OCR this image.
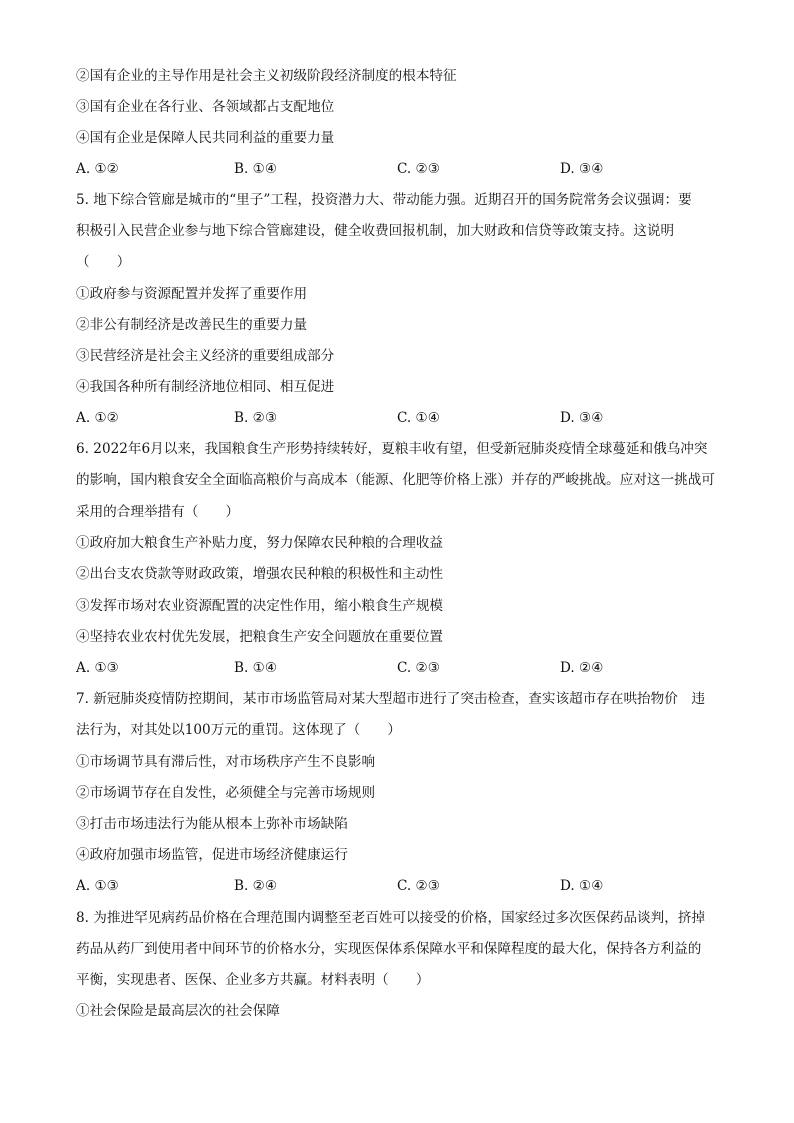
②国有企业的主导作用是社会主义初级阶段经济制度的根本特征
③国有企业在各行业、各领域都占支配地位
④国有企业是保障人民共同利益的重要力量
A. ①②	B. ①④	C. ②③	D. ③④
5. 地下综合管廊是城市的“里子”工程，投资潜力大、带动能力强。近期召开的国务院常务会议强调：要
积极引入民营企业参与地下综合管廊建设，健全收费回报机制，加大财政和信贷等政策支持。这说明
（　　）
①政府参与资源配置并发挥了重要作用
②非公有制经济是改善民生的重要力量
③民营经济是社会主义经济的重要组成部分
④我国各种所有制经济地位相同、相互促进
A. ①②	B. ②③	C. ①④	D. ③④
6. 2022年6月以来，我国粮食生产形势持续转好，夏粮丰收有望，但受新冠肺炎疫情全球蔓延和俄乌冲突
的影响，国内粮食安全全面临高粮价与高成本（能源、化肥等价格上涨）并存的严峻挑战。应对这一挑战可
采用的合理举措有（　　）
①政府加大粮食生产补贴力度，努力保障农民种粮的合理收益
②出台支农贷款等财政政策，增强农民种粮的积极性和主动性
③发挥市场对农业资源配置的决定性作用，缩小粮食生产规模
④坚持农业农村优先发展，把粮食生产安全问题放在重要位置
A. ①③	B. ①④	C. ②③	D. ②④
7. 新冠肺炎疫情防控期间，某市市场监管局对某大型超市进行了突击检查，查实该超市存在哄抬物价　违
法行为，对其处以100万元的重罚。这体现了（　　）
①市场调节具有滞后性，对市场秩序产生不良影响
②市场调节存在自发性，必须健全与完善市场规则
③打击市场违法行为能从根本上弥补市场缺陷
④政府加强市场监管，促进市场经济健康运行
A. ①③	B. ②④	C. ②③	D. ①④
8. 为推进罕见病药品价格在合理范围内调整至老百姓可以接受的价格，国家经过多次医保药品谈判，挤掉
药品从药厂到使用者中间环节的价格水分，实现医保体系保障水平和保障程度的最大化，保持各方利益的
平衡，实现患者、医保、企业多方共赢。材料表明（　　）
①社会保险是最高层次的社会保障
